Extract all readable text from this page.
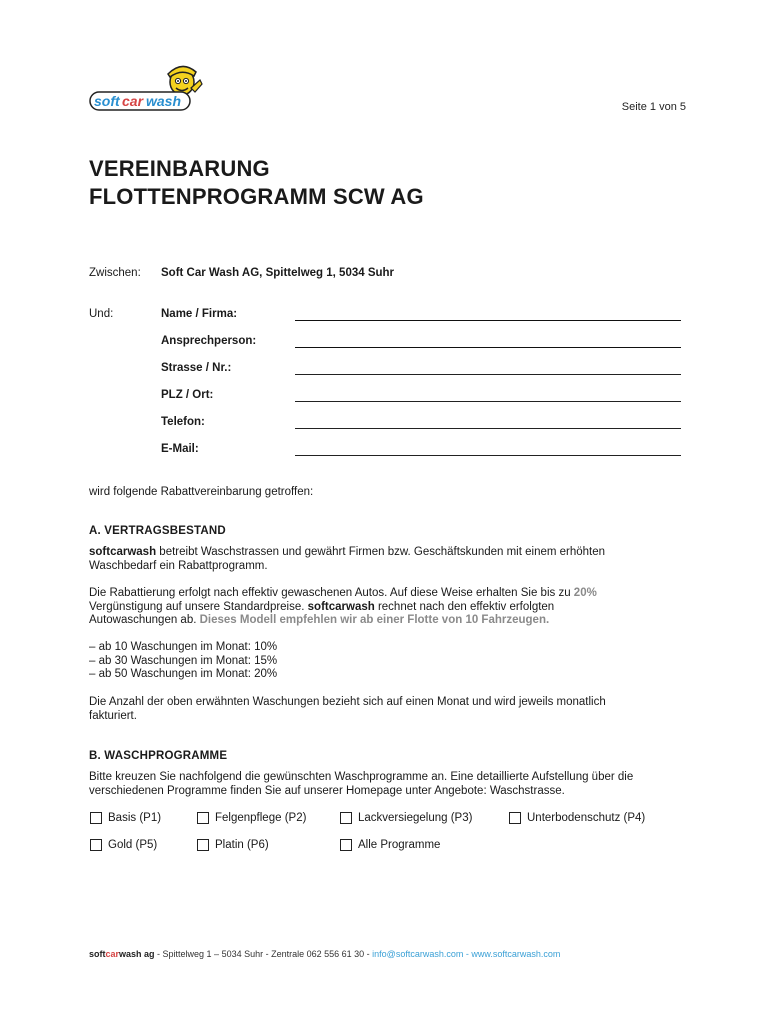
soft car wash	Seite 1 von 5
VEREINBARUNG
FLOTTENPROGRAMM SCW AG
Zwischen:	Soft Car Wash AG, Spittelweg 1, 5034 Suhr
Und:	Name / Firma:
Ansprechperson:
Strasse / Nr.:
PLZ / Ort:
Telefon:
E-Mail:
wird folgende Rabattvereinbarung getroffen:
A. VERTRAGSBESTAND
softcarwash betreibt Waschstrassen und gewährt Firmen bzw. Geschäftskunden mit einem erhöhten
Waschbedarf ein Rabattprogramm.
Die Rabattierung erfolgt nach effektiv gewaschenen Autos. Auf diese Weise erhalten Sie bis zu 20%
Vergünstigung auf unsere Standardpreise. softcarwash rechnet nach den effektiv erfolgten
Autowaschungen ab. Dieses Modell empfehlen wir ab einer Flotte von 10 Fahrzeugen.
– ab 10 Waschungen im Monat: 10%
– ab 30 Waschungen im Monat: 15%
– ab 50 Waschungen im Monat: 20%
Die Anzahl der oben erwähnten Waschungen bezieht sich auf einen Monat und wird jeweils monatlich
fakturiert.
B. WASCHPROGRAMME
Bitte kreuzen Sie nachfolgend die gewünschten Waschprogramme an. Eine detaillierte Aufstellung über die
verschiedenen Programme finden Sie auf unserer Homepage unter Angebote: Waschstrasse.
Basis (P1)	Felgenpflege (P2)	Lackversiegelung (P3)	Unterbodenschutz (P4)
Gold (P5)	Platin (P6)	Alle Programme
softcarwash ag - Spittelweg 1 – 5034 Suhr - Zentrale 062 556 61 30 - info@softcarwash.com - www.softcarwash.com
